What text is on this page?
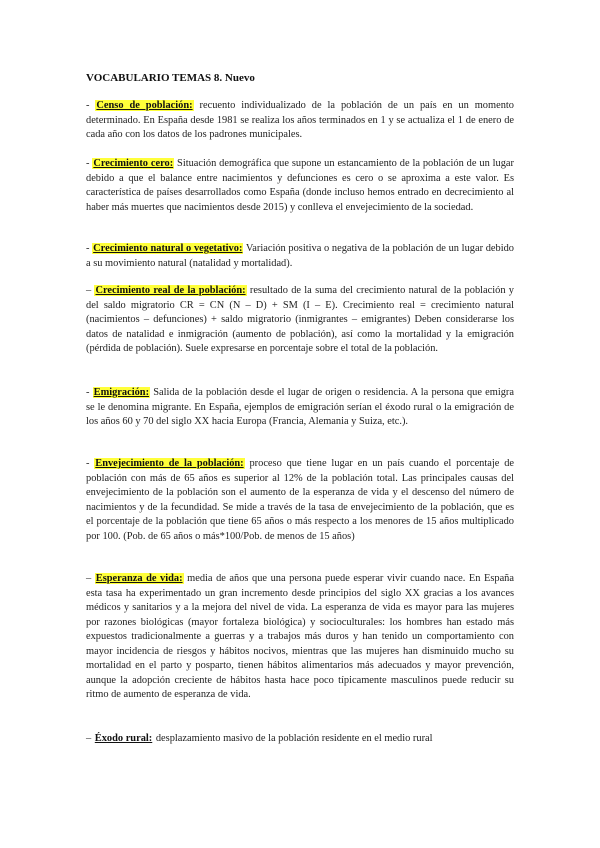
VOCABULARIO TEMAS 8. Nuevo

- Censo de población: recuento individualizado de la población de un país en un momento determinado. En España desde 1981 se realiza los años terminados en 1 y se actualiza el 1 de enero de cada año con los datos de los padrones municipales.

- Crecimiento cero: Situación demográfica que supone un estancamiento de la población de un lugar debido a que el balance entre nacimientos y defunciones es cero o se aproxima a este valor. Es característica de países desarrollados como España (donde incluso hemos entrado en decrecimiento al haber más muertes que nacimientos desde 2015) y conlleva el envejecimiento de la sociedad.

- Crecimiento natural o vegetativo: Variación positiva o negativa de la población de un lugar debido a su movimiento natural (natalidad y mortalidad).

– Crecimiento real de la población: resultado de la suma del crecimiento natural de la población y del saldo migratorio CR = CN (N – D) + SM (I – E). Crecimiento real = crecimiento natural (nacimientos – defunciones) + saldo migratorio (inmigrantes – emigrantes) Deben considerarse los datos de natalidad e inmigración (aumento de población), así como la mortalidad y la emigración (pérdida de población). Suele expresarse en porcentaje sobre el total de la población.

- Emigración: Salida de la población desde el lugar de origen o residencia. A la persona que emigra se le denomina migrante. En España, ejemplos de emigración serían el éxodo rural o la emigración de los años 60 y 70 del siglo XX hacia Europa (Francia, Alemania y Suiza, etc.).

- Envejecimiento de la población: proceso que tiene lugar en un país cuando el porcentaje de población con más de 65 años es superior al 12% de la población total. Las principales causas del envejecimiento de la población son el aumento de la esperanza de vida y el descenso del número de nacimientos y de la fecundidad. Se mide a través de la tasa de envejecimiento de la población, que es el porcentaje de la población que tiene 65 años o más respecto a los menores de 15 años multiplicado por 100. (Pob. de 65 años o más*100/Pob. de menos de 15 años)

– Esperanza de vida: media de años que una persona puede esperar vivir cuando nace. En España esta tasa ha experimentado un gran incremento desde principios del siglo XX gracias a los avances médicos y sanitarios y a la mejora del nivel de vida. La esperanza de vida es mayor para las mujeres por razones biológicas (mayor fortaleza biológica) y socioculturales: los hombres han estado más expuestos tradicionalmente a guerras y a trabajos más duros y han tenido un comportamiento con mayor incidencia de riesgos y hábitos nocivos, mientras que las mujeres han disminuido mucho su mortalidad en el parto y posparto, tienen hábitos alimentarios más adecuados y mayor prevención, aunque la adopción creciente de hábitos hasta hace poco típicamente masculinos puede reducir su ritmo de aumento de esperanza de vida.

– Éxodo rural: desplazamiento masivo de la población residente en el medio rural
